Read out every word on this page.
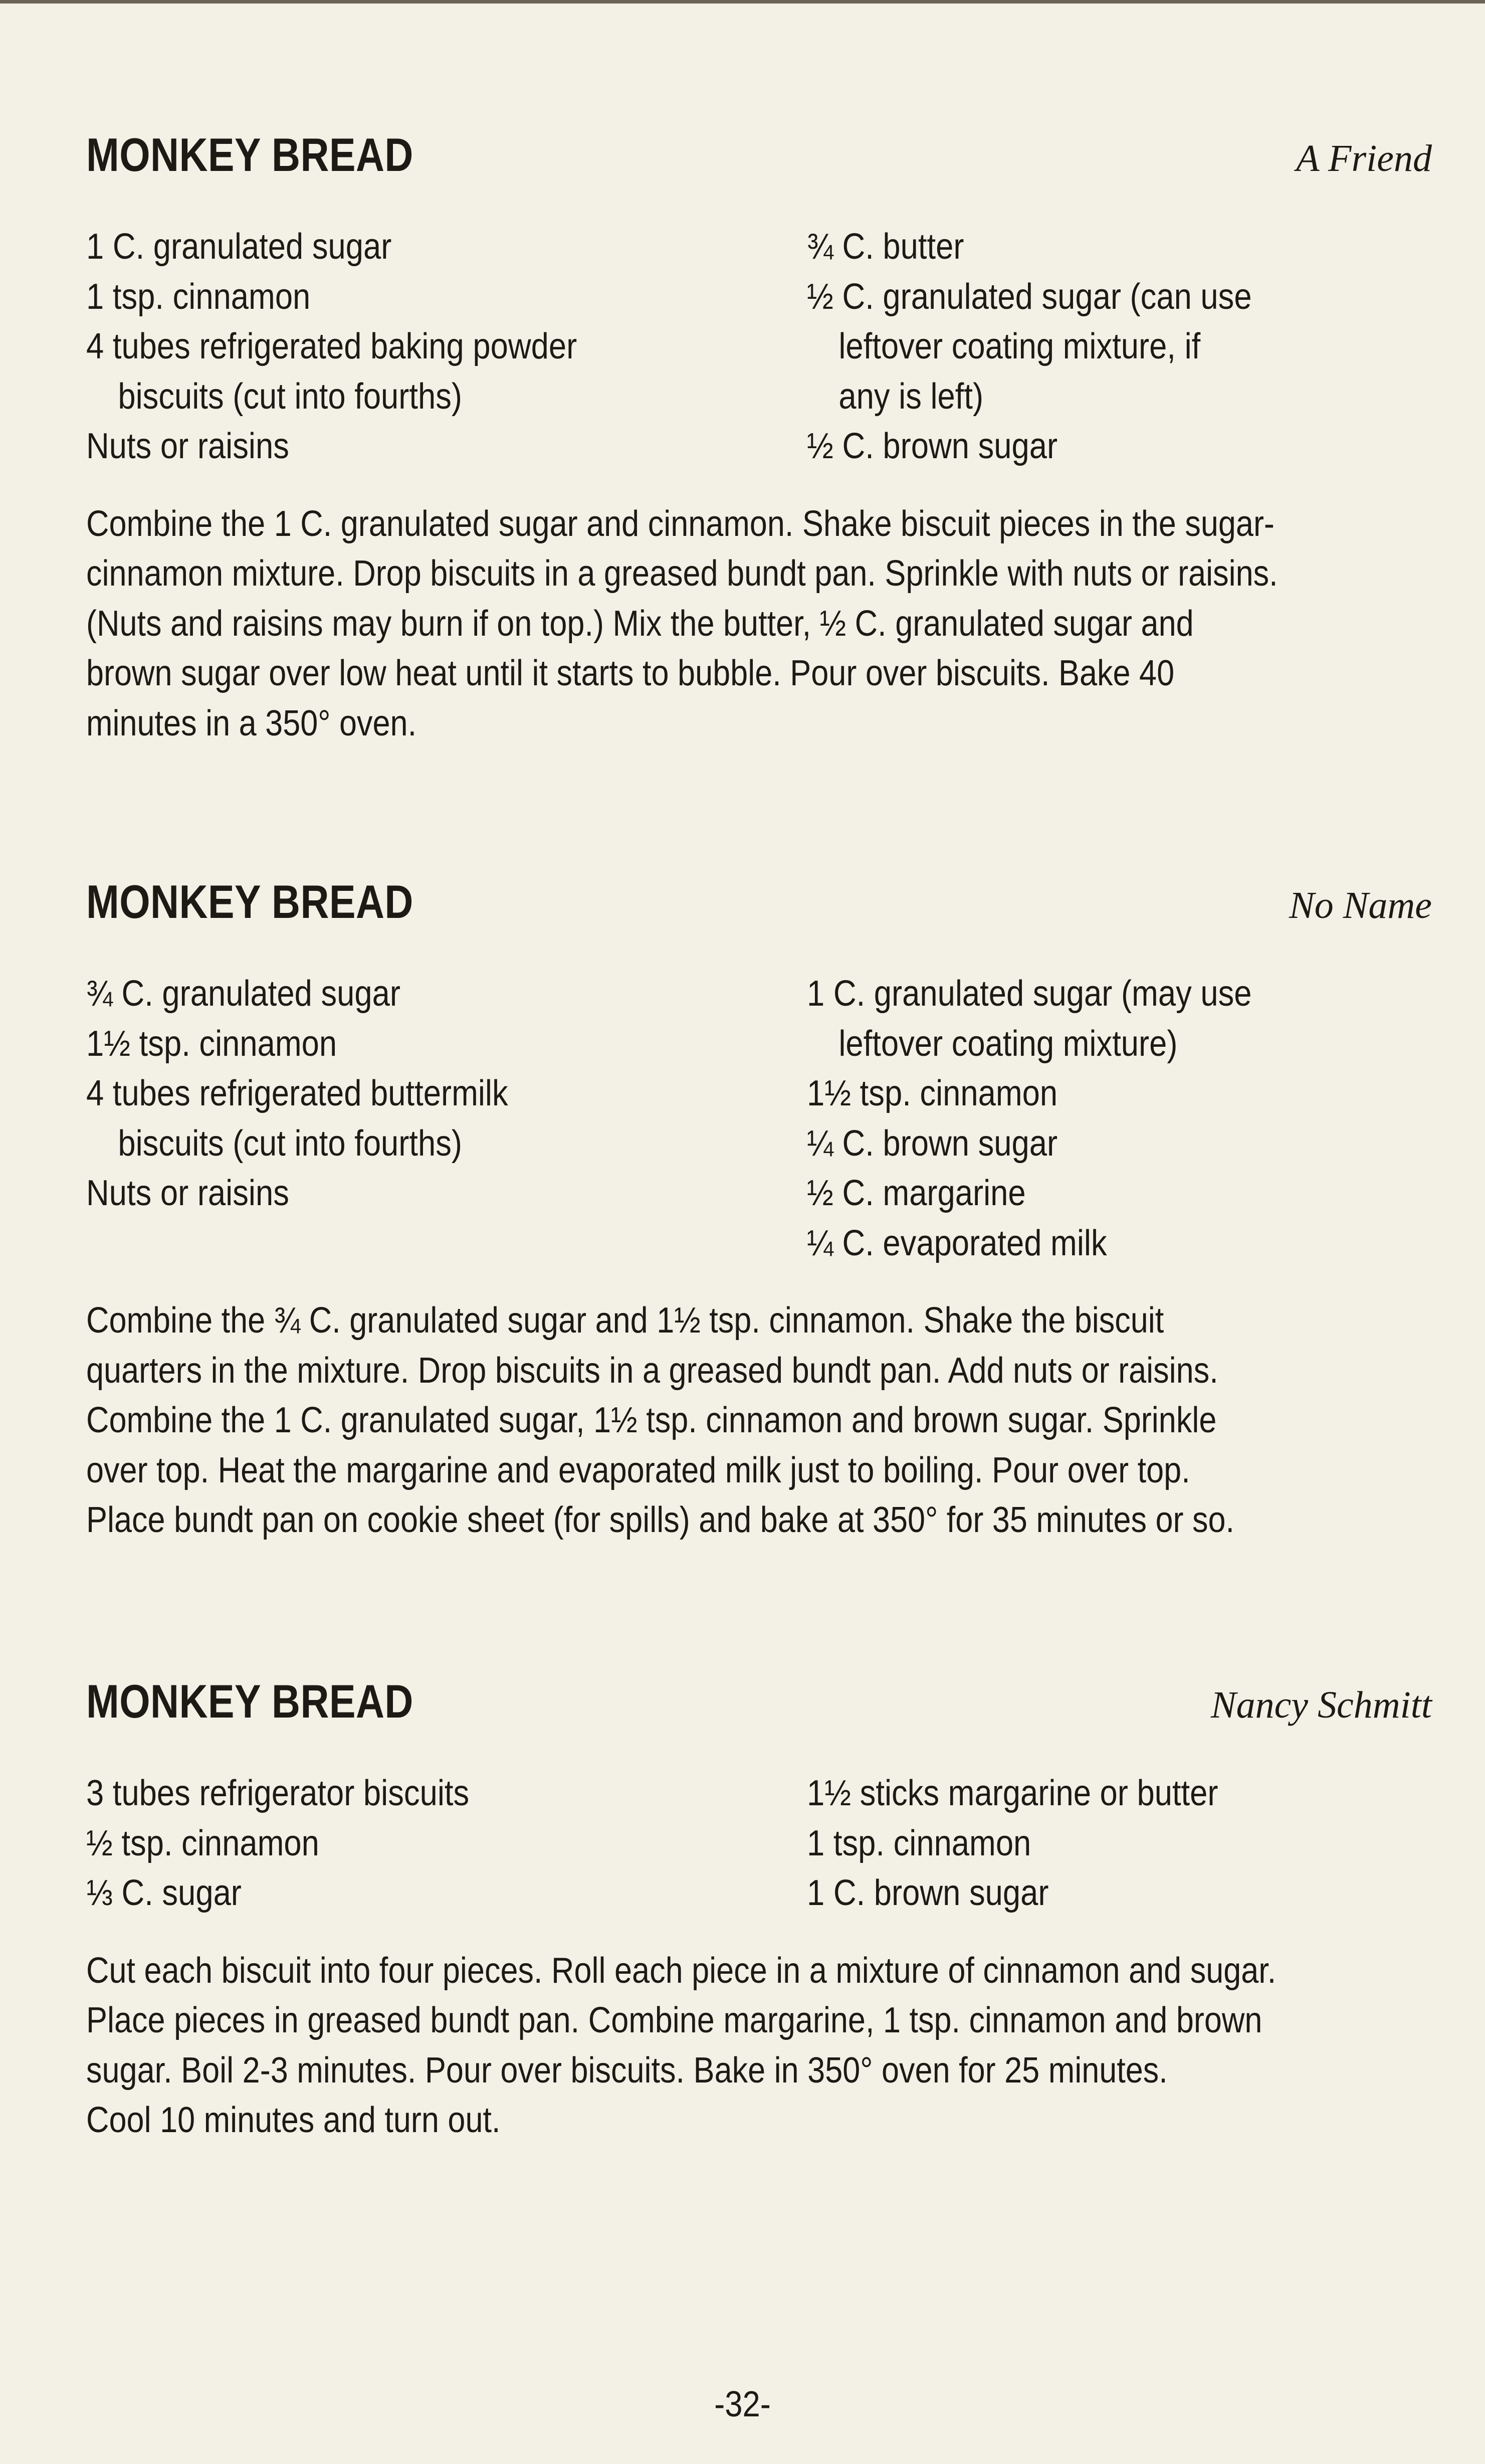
MONKEY BREAD	A Friend
1 C. granulated sugar
1 tsp. cinnamon
4 tubes refrigerated baking powder
biscuits (cut into fourths)
Nuts or raisins
¾ C. butter
½ C. granulated sugar (can use
leftover coating mixture, if
any is left)
½ C. brown sugar
Combine the 1 C. granulated sugar and cinnamon. Shake biscuit pieces in the sugar-
cinnamon mixture. Drop biscuits in a greased bundt pan. Sprinkle with nuts or raisins.
(Nuts and raisins may burn if on top.) Mix the butter, ½ C. granulated sugar and
brown sugar over low heat until it starts to bubble. Pour over biscuits. Bake 40
minutes in a 350° oven.
MONKEY BREAD	No Name
¾ C. granulated sugar
1½ tsp. cinnamon
4 tubes refrigerated buttermilk
biscuits (cut into fourths)
Nuts or raisins
1 C. granulated sugar (may use
leftover coating mixture)
1½ tsp. cinnamon
¼ C. brown sugar
½ C. margarine
¼ C. evaporated milk
Combine the ¾ C. granulated sugar and 1½ tsp. cinnamon. Shake the biscuit
quarters in the mixture. Drop biscuits in a greased bundt pan. Add nuts or raisins.
Combine the 1 C. granulated sugar, 1½ tsp. cinnamon and brown sugar. Sprinkle
over top. Heat the margarine and evaporated milk just to boiling. Pour over top.
Place bundt pan on cookie sheet (for spills) and bake at 350° for 35 minutes or so.
MONKEY BREAD	Nancy Schmitt
3 tubes refrigerator biscuits
½ tsp. cinnamon
⅓ C. sugar
1½ sticks margarine or butter
1 tsp. cinnamon
1 C. brown sugar
Cut each biscuit into four pieces. Roll each piece in a mixture of cinnamon and sugar.
Place pieces in greased bundt pan. Combine margarine, 1 tsp. cinnamon and brown
sugar. Boil 2-3 minutes. Pour over biscuits. Bake in 350° oven for 25 minutes.
Cool 10 minutes and turn out.
-32-
